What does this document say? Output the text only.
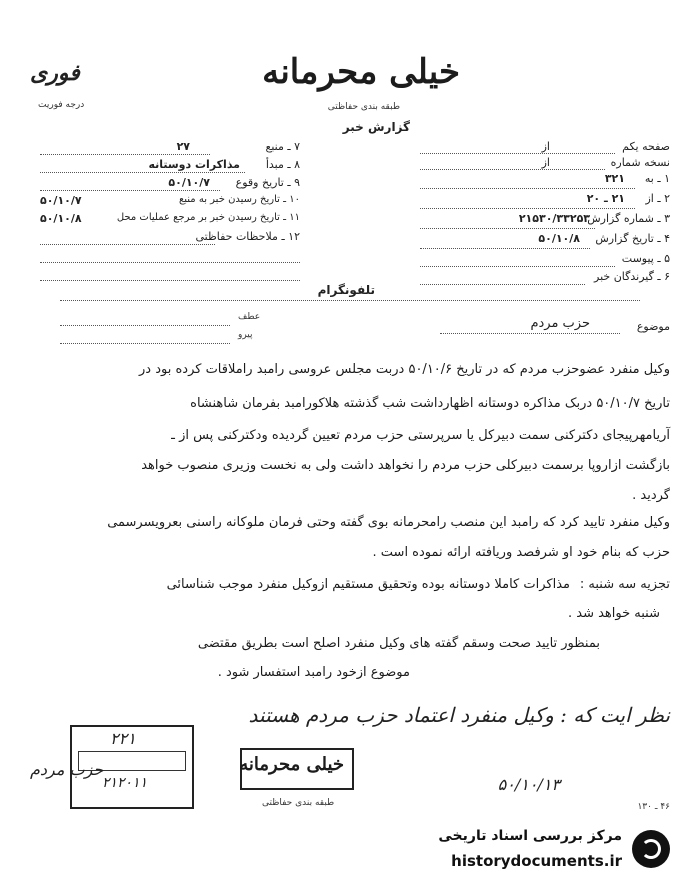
خیلی محرمانه
طبقه بندی حفاظتی
گزارش خبر
فوری
درجه فوریت
۷ ـ منبع
۲۷
۸ ـ مبدأ
مذاکرات دوستانه
۹ ـ تاریخ وقوع
۵۰/۱۰/۷
۱۰ ـ تاریخ رسیدن خبر به منبع
۵۰/۱۰/۷
۱۱ ـ تاریخ رسیدن خبر بر مرجع عملیات محل
۵۰/۱۰/۸
۱۲ ـ ملاحظات حفاظتی
صفحه یکم
از
نسخه شماره
از
۱ ـ به
۳۲۱
۲ ـ از
۲۱ ـ ۲۰
۳ ـ شماره گزارش
۲۱۵۳۰/۳۳۲۵۳
۴ ـ تاریخ گزارش
۵۰/۱۰/۸
۵ ـ پیوست
۶ ـ گیرندگان خبر
تلفونگرام
موضوع
حزب مردم
عطف
پیرو
وکیل منفرد عضوحزب مردم که در تاریخ ۵۰/۱۰/۶ دربت مجلس عروسی رامبد راملاقات کرده بود در
تاریخ ۵۰/۱۰/۷ دربک مذاکره دوستانه اظهارداشت شب گذشته هلاکورامبد بفرمان شاهنشاه
آریامهرپیجای دکترکنی سمت دبیرکل یا سرپرستی حزب مردم تعیین گردیده ودکترکنی پس از ـ
بازگشت ازاروپا برسمت دبیرکلی حزب مردم را نخواهد داشت ولی به نخست وزیری منصوب خواهد
گردید .
وکیل منفرد تایید کرد که رامبد این منصب رامحرمانه بوی گفته وحتی فرمان ملوکانه راسنی بعرویسرسمی
حزب که بنام خود او شرفصد وریافته ارائه نموده است .
تجزیه سه شنبه :
مذاکرات کاملا دوستانه بوده وتحقیق مستقیم ازوکیل منفرد موجب شناسائی
شنبه خواهد شد .
بمنظور تایید صحت وسقم گفته های وکیل منفرد اصلح است بطریق مقتضی
موضوع ازخود رامبد استفسار شود .
نظر ایت که : وکیل منفرد اعتماد حزب مردم هستند
۲۲۱
۲۱۲۰۱۱
حزب مردم	خیلی محرمانه
طبقه بندی حفاظتی
۵۰/۱۰/۱۳
۴۶ ـ ۱۳۰
مرکز بررسی اسناد تاریخی
historydocuments.ir
